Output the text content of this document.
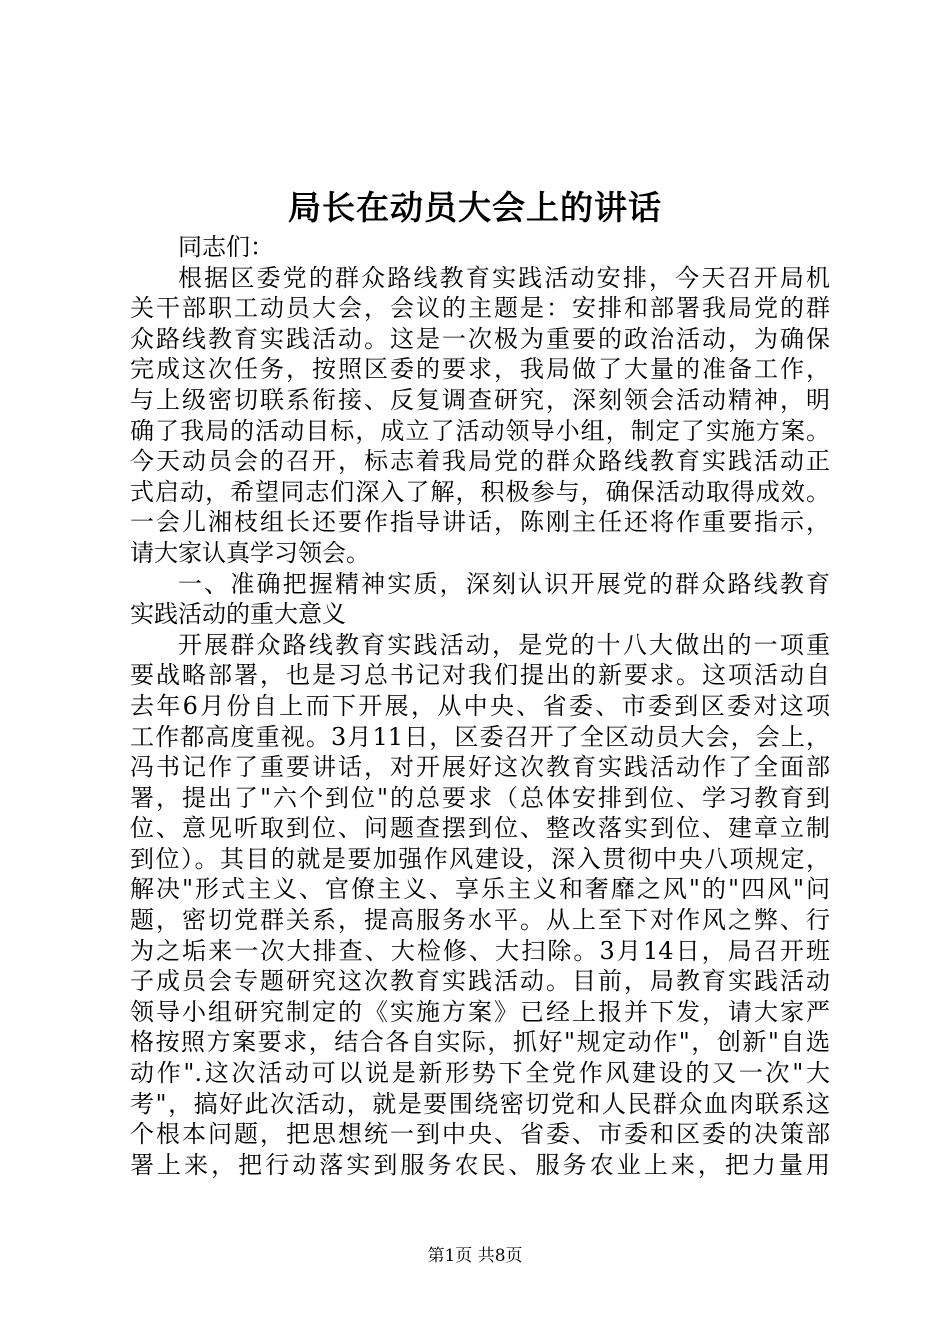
局长在动员大会上的讲话
同志们：
根据区委党的群众路线教育实践活动安排，今天召开局机
关干部职工动员大会，会议的主题是：安排和部署我局党的群
众路线教育实践活动。这是一次极为重要的政治活动，为确保
完成这次任务，按照区委的要求，我局做了大量的准备工作，
与上级密切联系衔接、反复调查研究，深刻领会活动精神，明
确了我局的活动目标，成立了活动领导小组，制定了实施方案。
今天动员会的召开，标志着我局党的群众路线教育实践活动正
式启动，希望同志们深入了解，积极参与，确保活动取得成效。
一会儿湘枝组长还要作指导讲话，陈刚主任还将作重要指示，
请大家认真学习领会。
一、准确把握精神实质，深刻认识开展党的群众路线教育
实践活动的重大意义
开展群众路线教育实践活动，是党的十八大做出的一项重
要战略部署，也是习总书记对我们提出的新要求。这项活动自
去年6月份自上而下开展，从中央、省委、市委到区委对这项
工作都高度重视。3月11日，区委召开了全区动员大会，会上，
冯书记作了重要讲话，对开展好这次教育实践活动作了全面部
署，提出了"六个到位"的总要求（总体安排到位、学习教育到
位、意见听取到位、问题查摆到位、整改落实到位、建章立制
到位）。其目的就是要加强作风建设，深入贯彻中央八项规定，
解决"形式主义、官僚主义、享乐主义和奢靡之风"的"四风"问
题，密切党群关系，提高服务水平。从上至下对作风之弊、行
为之垢来一次大排查、大检修、大扫除。3月14日，局召开班
子成员会专题研究这次教育实践活动。目前，局教育实践活动
领导小组研究制定的《实施方案》已经上报并下发，请大家严
格按照方案要求，结合各自实际，抓好"规定动作"，创新"自选
动作".这次活动可以说是新形势下全党作风建设的又一次"大
考"，搞好此次活动，就是要围绕密切党和人民群众血肉联系这
个根本问题，把思想统一到中央、省委、市委和区委的决策部
署上来，把行动落实到服务农民、服务农业上来，把力量用
第1页 共8页
